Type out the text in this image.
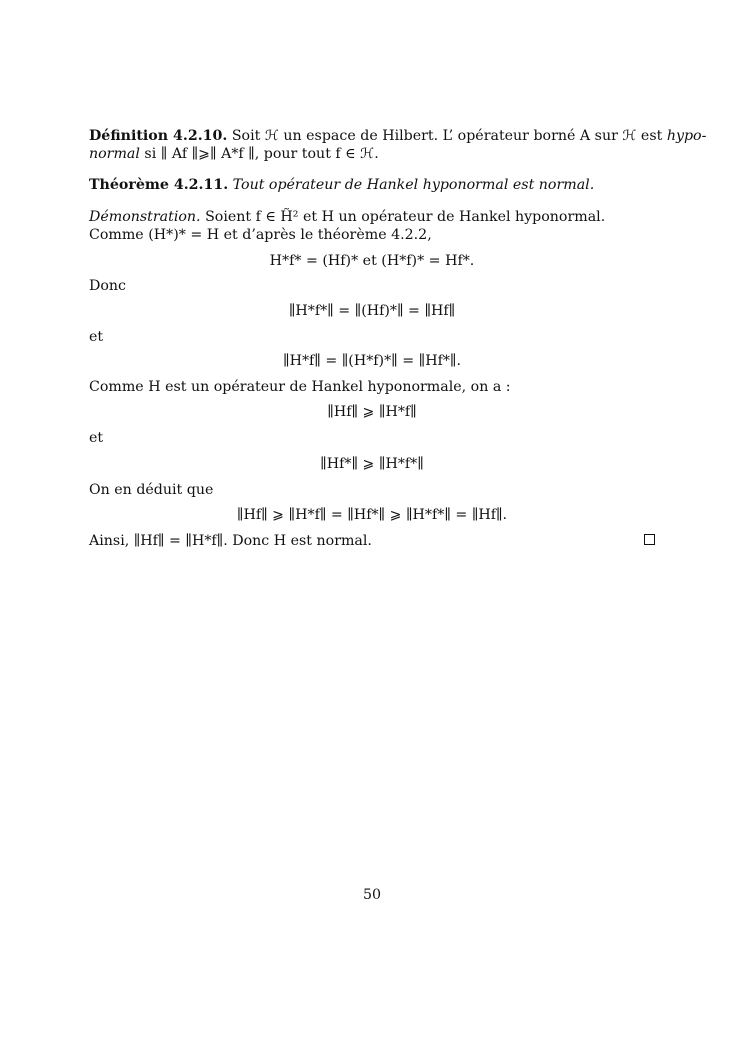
Définition 4.2.10. Soit ℋ un espace de Hilbert. L’ opérateur borné A sur ℋ est hypo-
normal si ∥ Af ∥⩾∥ A*f ∥, pour tout f ∈ ℋ.
Théorème 4.2.11. Tout opérateur de Hankel hyponormal est normal.
Démonstration. Soient f ∈ H̃² et H un opérateur de Hankel hyponormal.
Comme (H*)* = H et d’après le théorème 4.2.2,
H*f* = (Hf)* et (H*f)* = Hf*.
Donc
∥H*f*∥ = ∥(Hf)*∥ = ∥Hf∥
et
∥H*f∥ = ∥(H*f)*∥ = ∥Hf*∥.
Comme H est un opérateur de Hankel hyponormale, on a :
∥Hf∥ ⩾ ∥H*f∥
et
∥Hf*∥ ⩾ ∥H*f*∥
On en déduit que
∥Hf∥ ⩾ ∥H*f∥ = ∥Hf*∥ ⩾ ∥H*f*∥ = ∥Hf∥.
Ainsi, ∥Hf∥ = ∥H*f∥. Donc H est normal.
50
